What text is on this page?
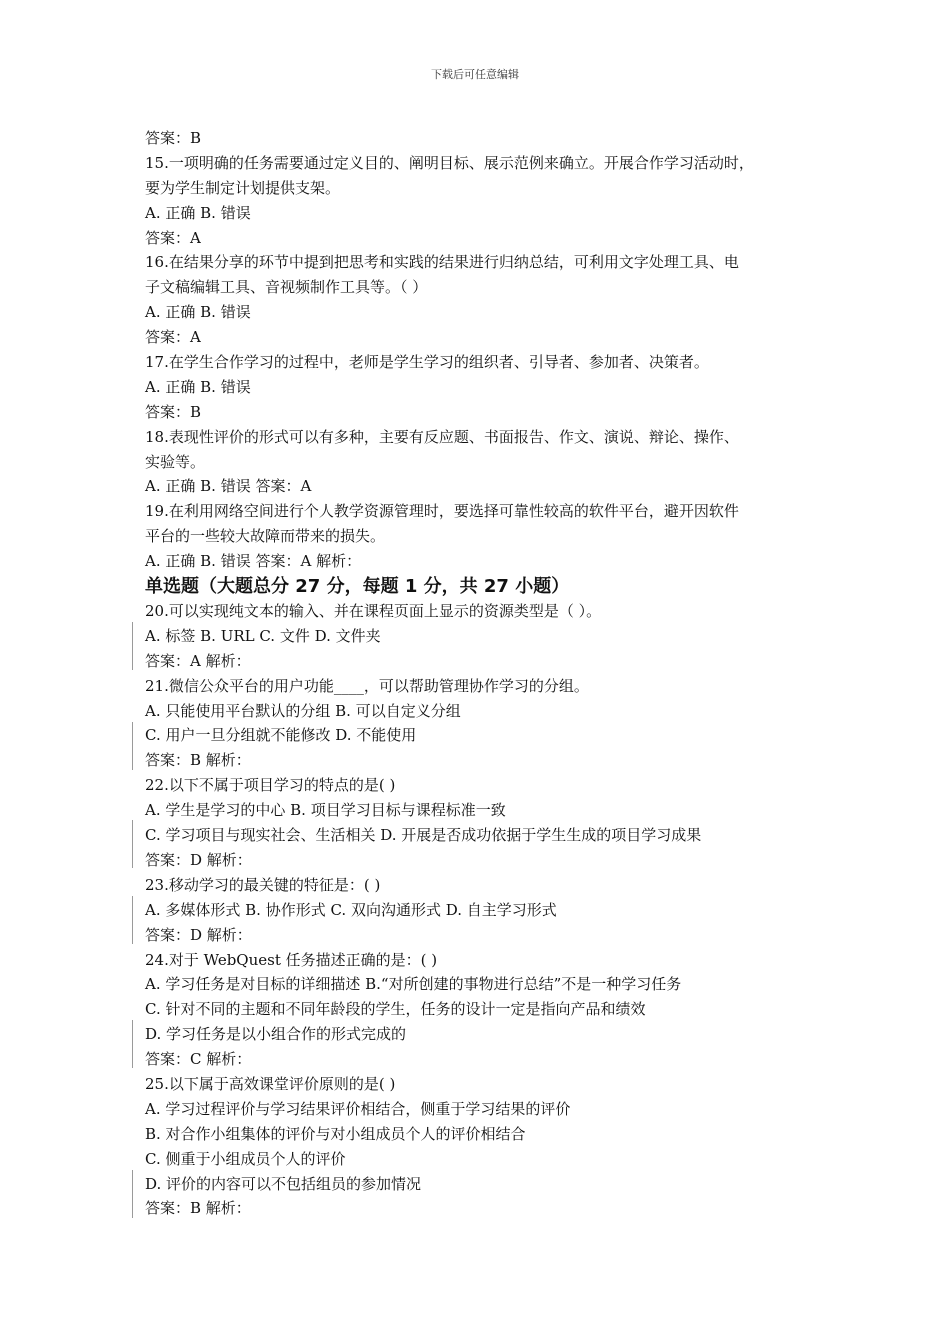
下载后可任意编辑
答案：B
15.一项明确的任务需要通过定义目的、阐明目标、展示范例来确立。开展合作学习活动时，
要为学生制定计划提供支架。
A. 正确 B. 错误
答案：A
16.在结果分享的环节中提到把思考和实践的结果进行归纳总结，可利用文字处理工具、电
子文稿编辑工具、音视频制作工具等。（ ）
A. 正确 B. 错误
答案：A
17.在学生合作学习的过程中，老师是学生学习的组织者、引导者、参加者、决策者。
A. 正确 B. 错误
答案：B
18.表现性评价的形式可以有多种，主要有反应题、书面报告、作文、演说、辩论、操作、
实验等。
A. 正确 B. 错误 答案：A
19.在利用网络空间进行个人教学资源管理时，要选择可靠性较高的软件平台，避开因软件
平台的一些较大故障而带来的损失。
A. 正确 B. 错误 答案：A 解析：
单选题（大题总分 27 分，每题 1 分，共 27 小题）
20.可以实现纯文本的输入、并在课程页面上显示的资源类型是（ ）。
A. 标签 B. URL C. 文件 D. 文件夹
答案：A 解析：
21.微信公众平台的用户功能____，可以帮助管理协作学习的分组。
A. 只能使用平台默认的分组 B. 可以自定义分组
C. 用户一旦分组就不能修改 D. 不能使用
答案：B 解析：
22.以下不属于项目学习的特点的是( )
A. 学生是学习的中心 B. 项目学习目标与课程标准一致
C. 学习项目与现实社会、生活相关 D. 开展是否成功依据于学生生成的项目学习成果
答案：D 解析：
23.移动学习的最关键的特征是：( )
A. 多媒体形式 B. 协作形式 C. 双向沟通形式 D. 自主学习形式
答案：D 解析：
24.对于 WebQuest 任务描述正确的是：( )
A. 学习任务是对目标的详细描述 B.“对所创建的事物进行总结”不是一种学习任务
C. 针对不同的主题和不同年龄段的学生，任务的设计一定是指向产品和绩效
D. 学习任务是以小组合作的形式完成的
答案：C 解析：
25.以下属于高效课堂评价原则的是( )
A. 学习过程评价与学习结果评价相结合，侧重于学习结果的评价
B. 对合作小组集体的评价与对小组成员个人的评价相结合
C. 侧重于小组成员个人的评价
D. 评价的内容可以不包括组员的参加情况
答案：B 解析：
